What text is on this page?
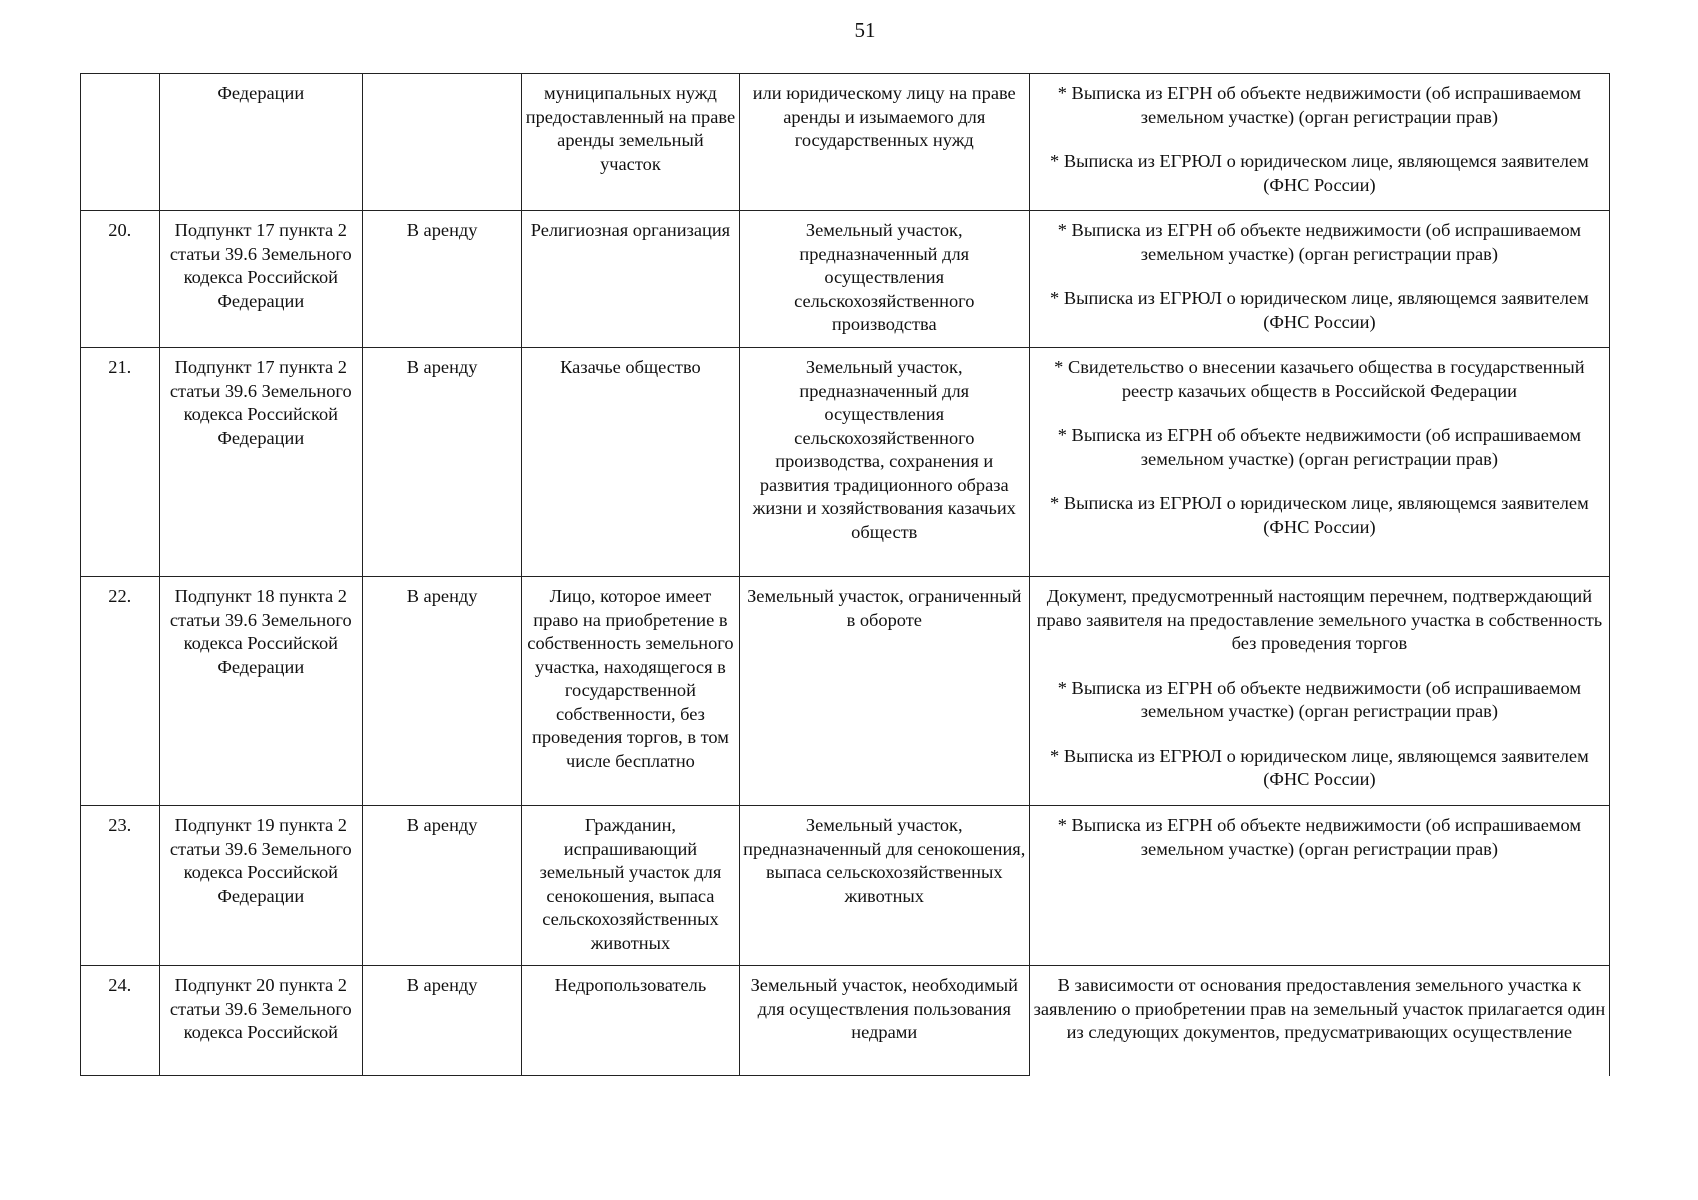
51
	Федерации		муниципальных нужд предоставленный на праве аренды земельный участок	или юридическому лицу на праве аренды и изымаемого для государственных нужд	* Выписка из ЕГРН об объекте недвижимости (об испрашиваемом земельном участке) (орган регистрации прав)

* Выписка из ЕГРЮЛ о юридическом лице, являющемся заявителем (ФНС России)

20.	Подпункт 17 пункта 2 статьи 39.6 Земельного кодекса Российской Федерации	В аренду	Религиозная организация	Земельный участок, предназначенный для осуществления сельскохозяйственного производства	* Выписка из ЕГРН об объекте недвижимости (об испрашиваемом земельном участке) (орган регистрации прав)

* Выписка из ЕГРЮЛ о юридическом лице, являющемся заявителем (ФНС России)

21.	Подпункт 17 пункта 2 статьи 39.6 Земельного кодекса Российской Федерации	В аренду	Казачье общество	Земельный участок, предназначенный для осуществления сельскохозяйственного производства, сохранения и развития традиционного образа жизни и хозяйствования казачьих обществ	* Свидетельство о внесении казачьего общества в государственный реестр казачьих обществ в Российской Федерации

* Выписка из ЕГРН об объекте недвижимости (об испрашиваемом земельном участке) (орган регистрации прав)

* Выписка из ЕГРЮЛ о юридическом лице, являющемся заявителем (ФНС России)

22.	Подпункт 18 пункта 2 статьи 39.6 Земельного кодекса Российской Федерации	В аренду	Лицо, которое имеет право на приобретение в собственность земельного участка, находящегося в государственной собственности, без проведения торгов, в том числе бесплатно	Земельный участок, ограниченный в обороте	Документ, предусмотренный настоящим перечнем, подтверждающий право заявителя на предоставление земельного участка в собственность без проведения торгов

* Выписка из ЕГРН об объекте недвижимости (об испрашиваемом земельном участке) (орган регистрации прав)

* Выписка из ЕГРЮЛ о юридическом лице, являющемся заявителем (ФНС России)

23.	Подпункт 19 пункта 2 статьи 39.6 Земельного кодекса Российской Федерации	В аренду	Гражданин, испрашивающий земельный участок для сенокошения, выпаса сельскохозяйственных животных	Земельный участок, предназначенный для сенокошения, выпаса сельскохозяйственных животных	* Выписка из ЕГРН об объекте недвижимости (об испрашиваемом земельном участке) (орган регистрации прав)

24.	Подпункт 20 пункта 2 статьи 39.6 Земельного кодекса Российской	В аренду	Недропользователь	Земельный участок, необходимый для осуществления пользования недрами	В зависимости от основания предоставления земельного участка к заявлению о приобретении прав на земельный участок прилагается один из следующих документов, предусматривающих осуществление
